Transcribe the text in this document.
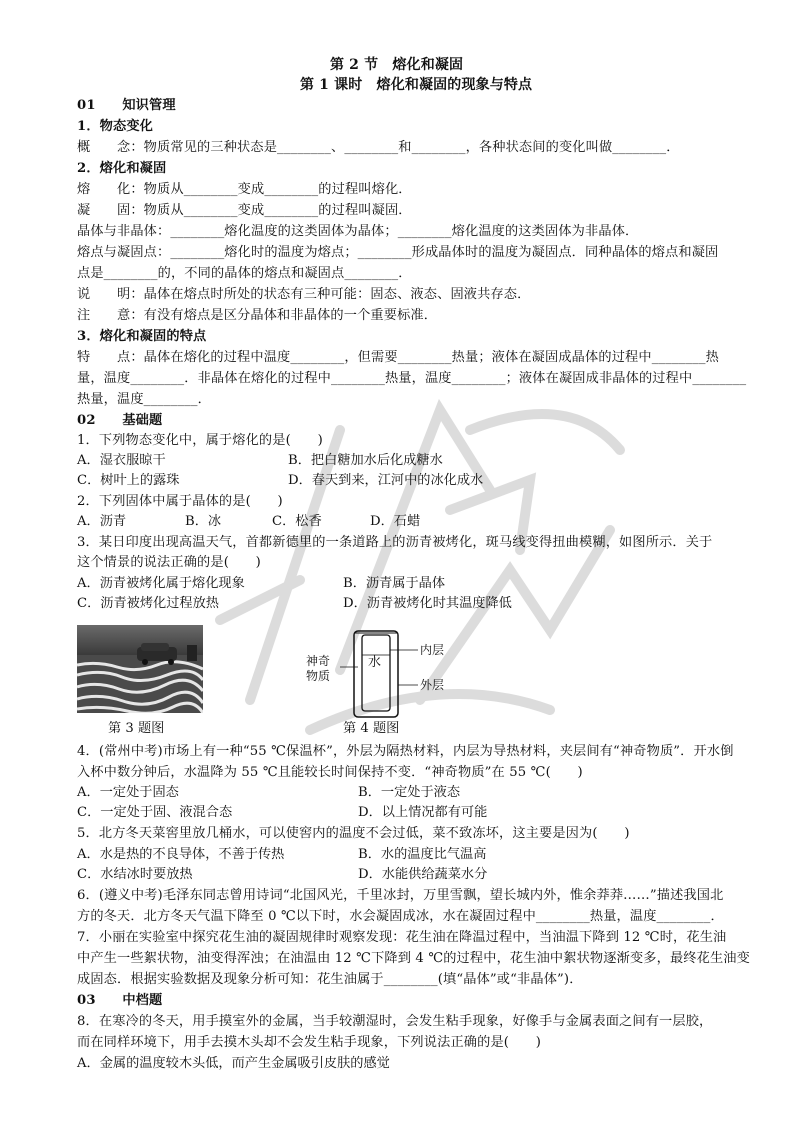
第 2 节　熔化和凝固
第 1 课时　熔化和凝固的现象与特点
01　　知识管理
1．物态变化
概　　念：物质常见的三种状态是________、________和________，各种状态间的变化叫做________．
2．熔化和凝固
熔　　化：物质从________变成________的过程叫熔化．
凝　　固：物质从________变成________的过程叫凝固．
晶体与非晶体：________熔化温度的这类固体为晶体；________熔化温度的这类固体为非晶体．
熔点与凝固点：________熔化时的温度为熔点；________形成晶体时的温度为凝固点．同种晶体的熔点和凝固
点是________的，不同的晶体的熔点和凝固点________．
说　　明：晶体在熔点时所处的状态有三种可能：固态、液态、固液共存态．
注　　意：有没有熔点是区分晶体和非晶体的一个重要标准．
3．熔化和凝固的特点
特　　点：晶体在熔化的过程中温度________，但需要________热量；液体在凝固成晶体的过程中________热
量，温度________．非晶体在熔化的过程中________热量，温度________；液体在凝固成非晶体的过程中________
热量，温度________．
02　　基础题
1．下列物态变化中，属于熔化的是(　　)
A．湿衣服晾干	B．把白糖加水后化成糖水
C．树叶上的露珠	D．春天到来，江河中的冰化成水
2．下列固体中属于晶体的是(　　)
A．沥青	B．冰	C．松香	D．石蜡
3．某日印度出现高温天气，首都新德里的一条道路上的沥青被烤化，斑马线变得扭曲模糊，如图所示．关于
这个情景的说法正确的是(　　)
A．沥青被烤化属于熔化现象	B．沥青属于晶体
C．沥青被烤化过程放热	D．沥青被烤化时其温度降低
水
内层
外层
神奇物质
第 3 题图	第 4 题图
4．(常州中考)市场上有一种“55 ℃保温杯”，外层为隔热材料，内层为导热材料，夹层间有“神奇物质”．开水倒
入杯中数分钟后，水温降为 55 ℃且能较长时间保持不变．“神奇物质”在 55 ℃(　　)
A．一定处于固态	B．一定处于液态
C．一定处于固、液混合态	D．以上情况都有可能
5．北方冬天菜窖里放几桶水，可以使窖内的温度不会过低，菜不致冻坏，这主要是因为(　　)
A．水是热的不良导体，不善于传热	B．水的温度比气温高
C．水结冰时要放热	D．水能供给蔬菜水分
6．(遵义中考)毛泽东同志曾用诗词“北国风光，千里冰封，万里雪飘，望长城内外，惟余莽莽……”描述我国北
方的冬天．北方冬天气温下降至 0 ℃以下时，水会凝固成冰，水在凝固过程中________热量，温度________．
7．小丽在实验室中探究花生油的凝固规律时观察发现：花生油在降温过程中，当油温下降到 12 ℃时，花生油
中产生一些絮状物，油变得浑浊；在油温由 12 ℃下降到 4 ℃的过程中，花生油中絮状物逐渐变多，最终花生油变
成固态．根据实验数据及现象分析可知：花生油属于________(填“晶体”或“非晶体”)．
03　　中档题
8．在寒冷的冬天，用手摸室外的金属，当手较潮湿时，会发生粘手现象，好像手与金属表面之间有一层胶，
而在同样环境下，用手去摸木头却不会发生粘手现象，下列说法正确的是(　　)
A．金属的温度较木头低，而产生金属吸引皮肤的感觉
